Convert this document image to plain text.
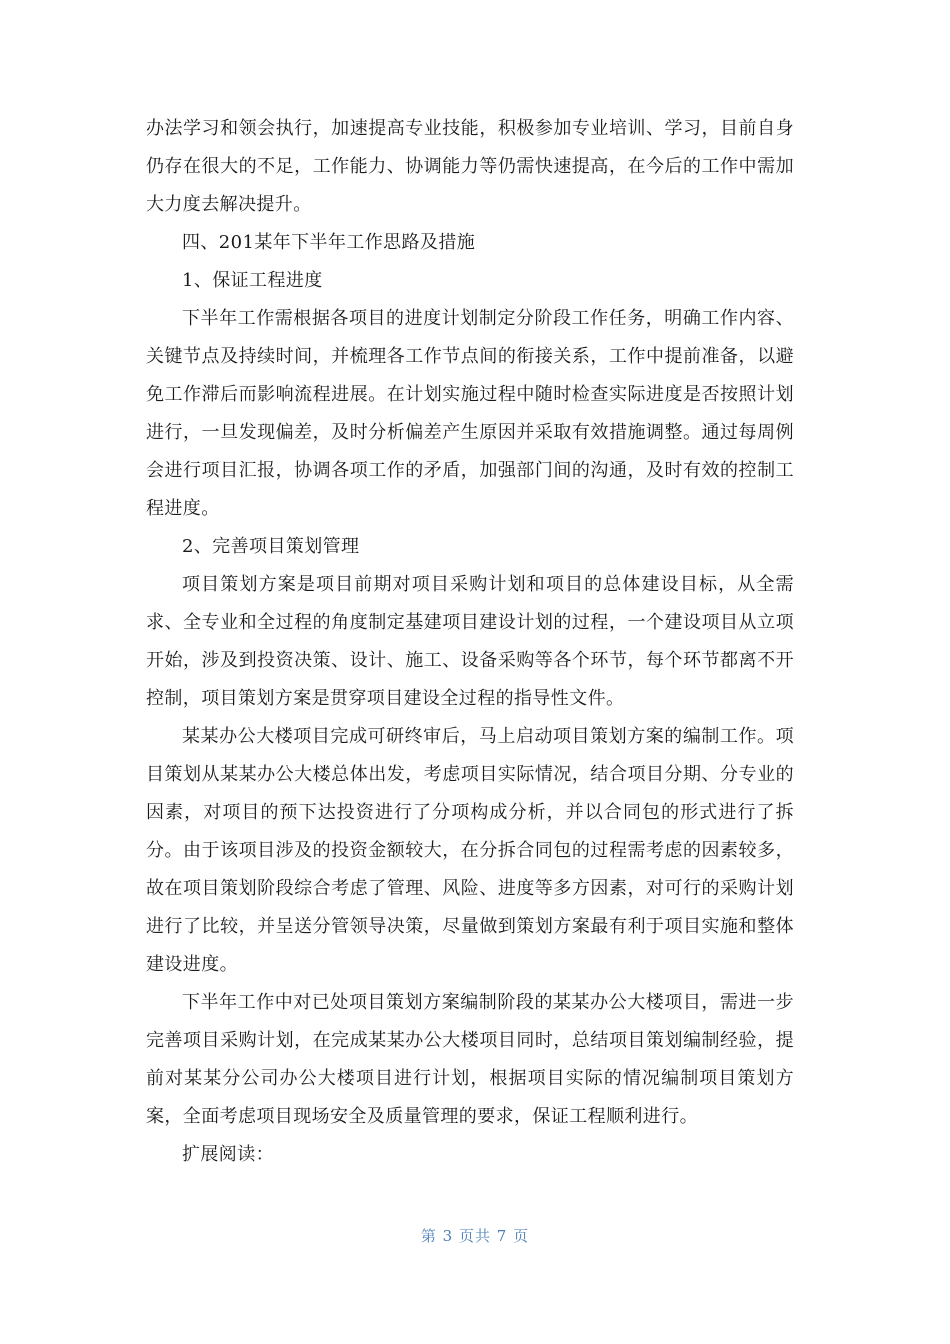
办法学习和领会执行，加速提高专业技能，积极参加专业培训、学习，目前自身仍存在很大的不足，工作能力、协调能力等仍需快速提高，在今后的工作中需加大力度去解决提升。

四、201某年下半年工作思路及措施

1、保证工程进度

下半年工作需根据各项目的进度计划制定分阶段工作任务，明确工作内容、关键节点及持续时间，并梳理各工作节点间的衔接关系，工作中提前准备，以避免工作滞后而影响流程进展。在计划实施过程中随时检查实际进度是否按照计划进行，一旦发现偏差，及时分析偏差产生原因并采取有效措施调整。通过每周例会进行项目汇报，协调各项工作的矛盾，加强部门间的沟通，及时有效的控制工程进度。

2、完善项目策划管理

项目策划方案是项目前期对项目采购计划和项目的总体建设目标，从全需求、全专业和全过程的角度制定基建项目建设计划的过程，一个建设项目从立项开始，涉及到投资决策、设计、施工、设备采购等各个环节，每个环节都离不开控制，项目策划方案是贯穿项目建设全过程的指导性文件。

某某办公大楼项目完成可研终审后，马上启动项目策划方案的编制工作。项目策划从某某办公大楼总体出发，考虑项目实际情况，结合项目分期、分专业的因素，对项目的预下达投资进行了分项构成分析，并以合同包的形式进行了拆分。由于该项目涉及的投资金额较大，在分拆合同包的过程需考虑的因素较多，故在项目策划阶段综合考虑了管理、风险、进度等多方因素，对可行的采购计划进行了比较，并呈送分管领导决策，尽量做到策划方案最有利于项目实施和整体建设进度。

下半年工作中对已处项目策划方案编制阶段的某某办公大楼项目，需进一步完善项目采购计划，在完成某某办公大楼项目同时，总结项目策划编制经验，提前对某某分公司办公大楼项目进行计划，根据项目实际的情况编制项目策划方案，全面考虑项目现场安全及质量管理的要求，保证工程顺利进行。

扩展阅读：

第 3 页共 7 页
